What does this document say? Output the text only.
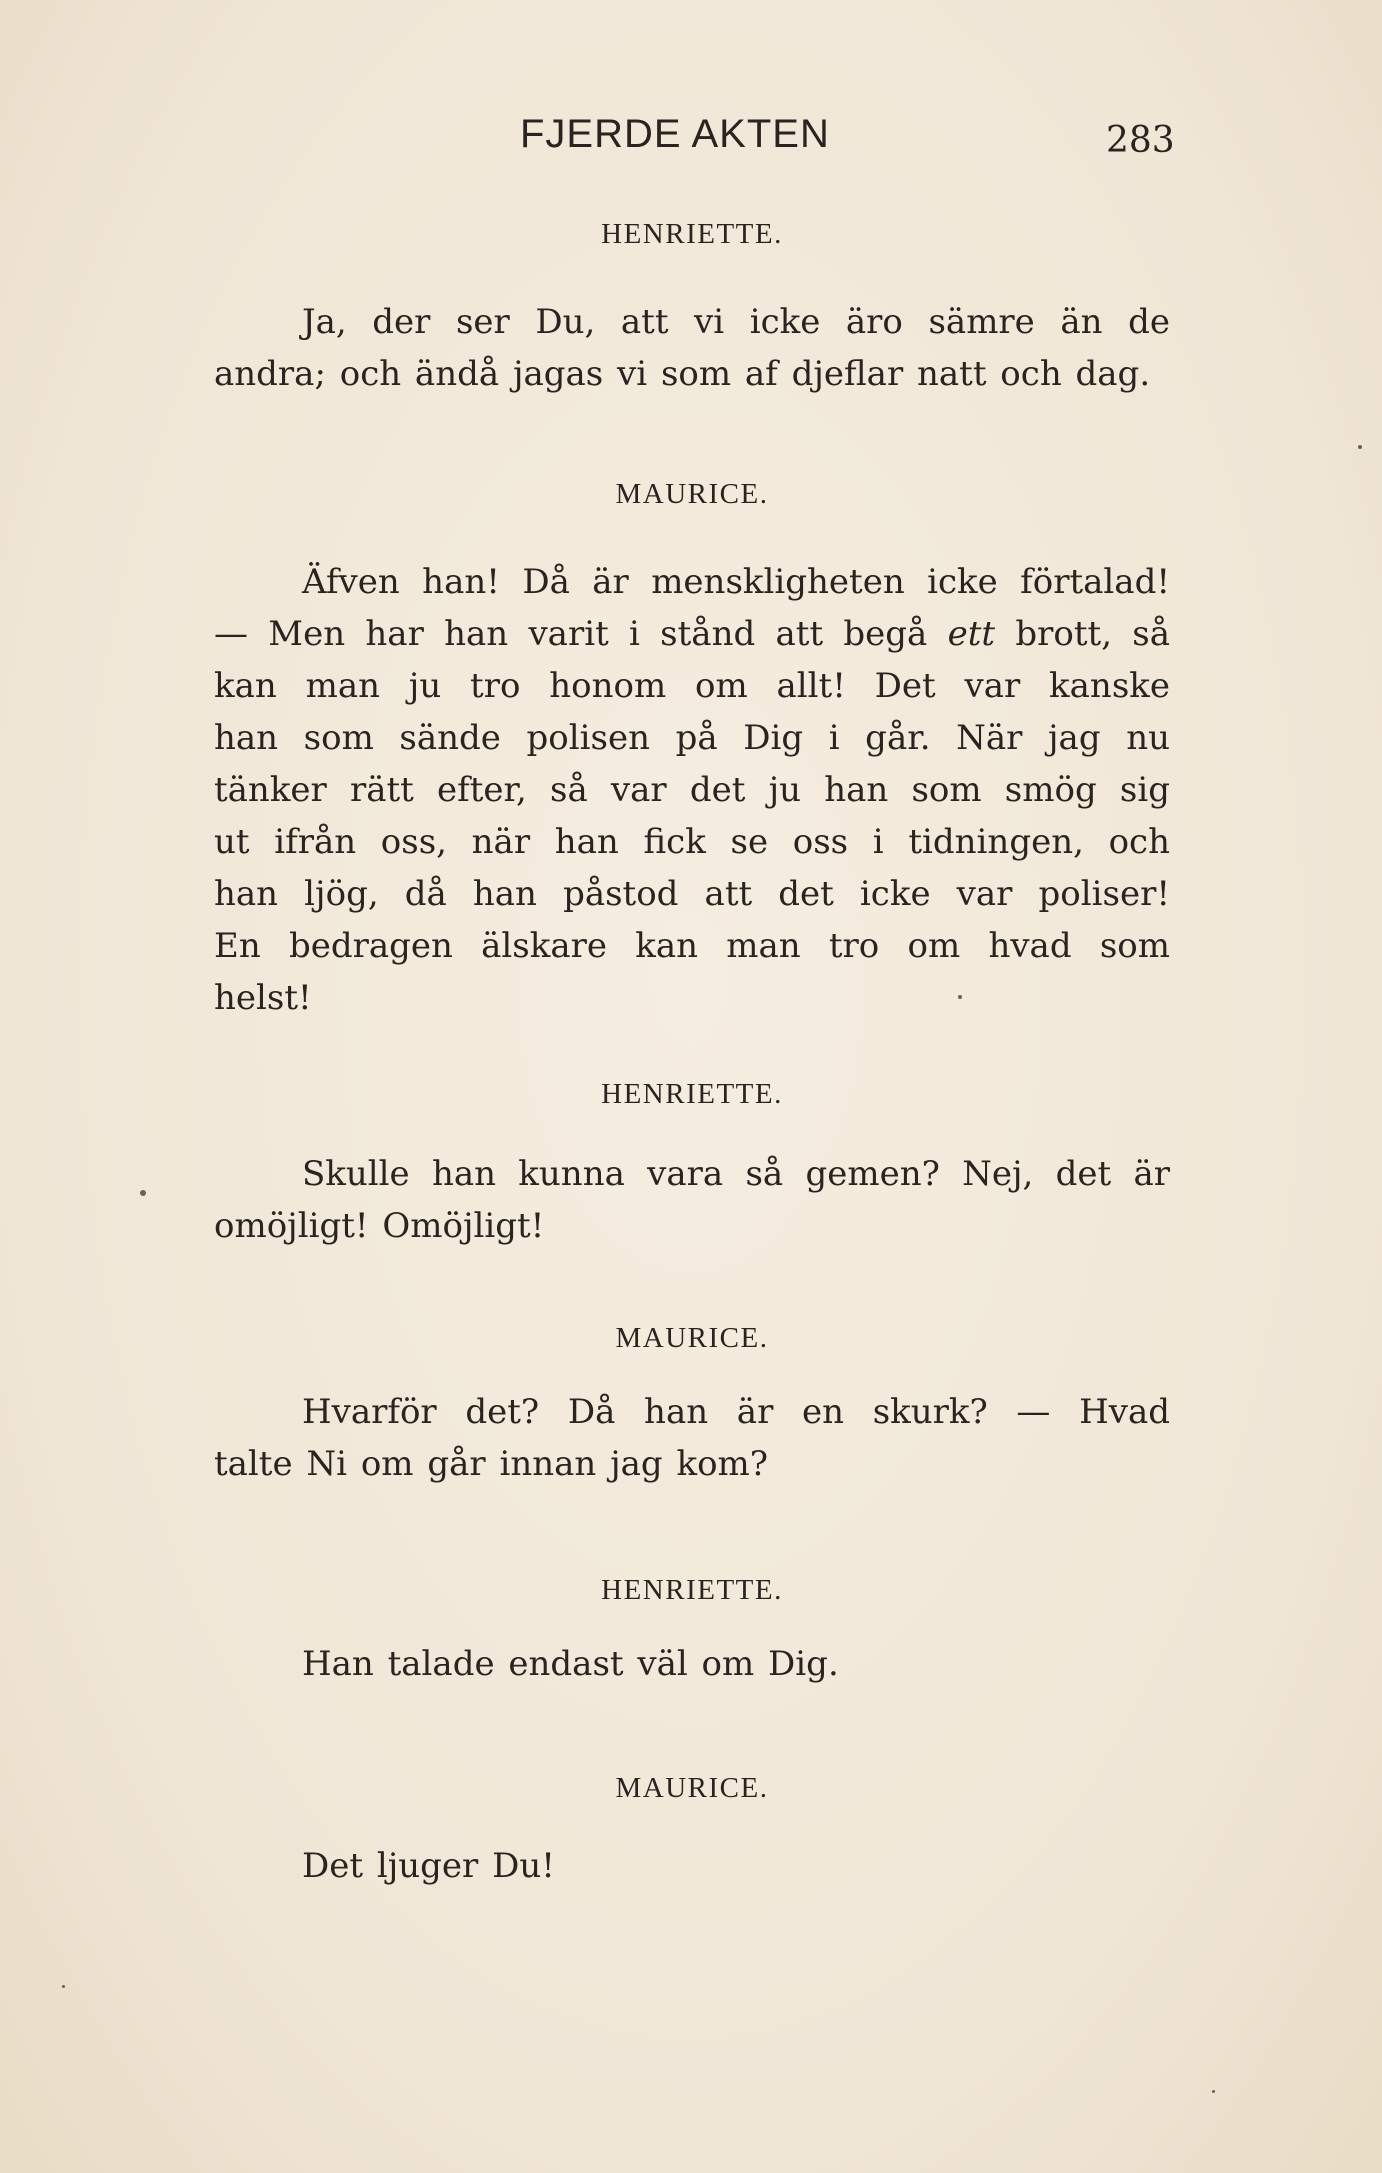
FJERDE AKTEN	283
HENRIETTE.
Ja, der ser Du, att vi icke äro sämre än de
andra; och ändå jagas vi som af djeflar natt och dag.
MAURICE.
Äfven han! Då är menskligheten icke förtalad!
— Men har han varit i stånd att begå ett brott, så
kan man ju tro honom om allt! Det var kanske
han som sände polisen på Dig i går. När jag nu
tänker rätt efter, så var det ju han som smög sig
ut ifrån oss, när han fick se oss i tidningen, och
han ljög, då han påstod att det icke var poliser!
En bedragen älskare kan man tro om hvad som
helst!
HENRIETTE.
Skulle han kunna vara så gemen? Nej, det är
omöjligt! Omöjligt!
MAURICE.
Hvarför det? Då han är en skurk? — Hvad
talte Ni om går innan jag kom?
HENRIETTE.
Han talade endast väl om Dig.
MAURICE.
Det ljuger Du!
